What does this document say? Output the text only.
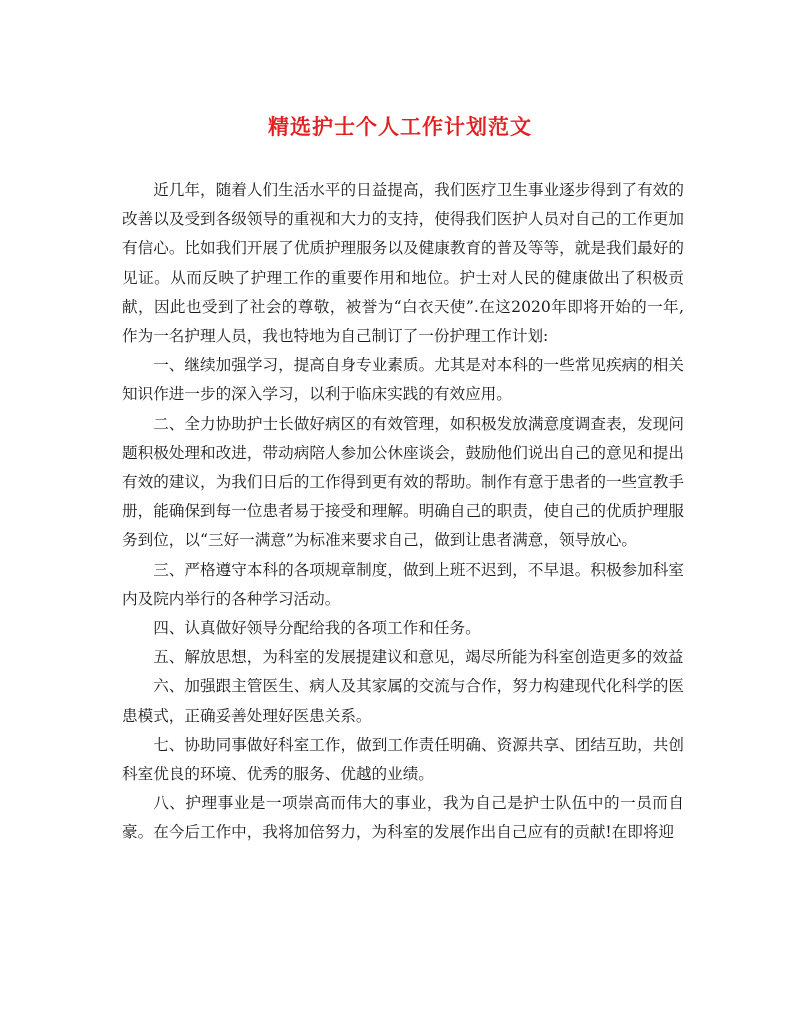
精选护士个人工作计划范文

近几年，随着人们生活水平的日益提高，我们医疗卫生事业逐步得到了有效的改善以及受到各级领导的重视和大力的支持，使得我们医护人员对自己的工作更加有信心。比如我们开展了优质护理服务以及健康教育的普及等等，就是我们最好的见证。从而反映了护理工作的重要作用和地位。护士对人民的健康做出了积极贡献，因此也受到了社会的尊敬，被誉为“白衣天使”.在这2020年即将开始的一年,作为一名护理人员，我也特地为自己制订了一份护理工作计划:

一、继续加强学习，提高自身专业素质。尤其是对本科的一些常见疾病的相关知识作进一步的深入学习，以利于临床实践的有效应用。

二、全力协助护士长做好病区的有效管理，如积极发放满意度调查表，发现问题积极处理和改进，带动病陪人参加公休座谈会，鼓励他们说出自己的意见和提出有效的建议，为我们日后的工作得到更有效的帮助。制作有意于患者的一些宣教手册，能确保到每一位患者易于接受和理解。明确自己的职责，使自己的优质护理服务到位，以“三好一满意”为标准来要求自己，做到让患者满意，领导放心。

三、严格遵守本科的各项规章制度，做到上班不迟到，不早退。积极参加科室内及院内举行的各种学习活动。

四、认真做好领导分配给我的各项工作和任务。

五、解放思想，为科室的发展提建议和意见，竭尽所能为科室创造更多的效益

六、加强跟主管医生、病人及其家属的交流与合作，努力构建现代化科学的医患模式，正确妥善处理好医患关系。

七、协助同事做好科室工作，做到工作责任明确、资源共享、团结互助，共创科室优良的环境、优秀的服务、优越的业绩。

八、护理事业是一项崇高而伟大的事业，我为自己是护士队伍中的一员而自豪。在今后工作中，我将加倍努力，为科室的发展作出自己应有的贡献!在即将迎
